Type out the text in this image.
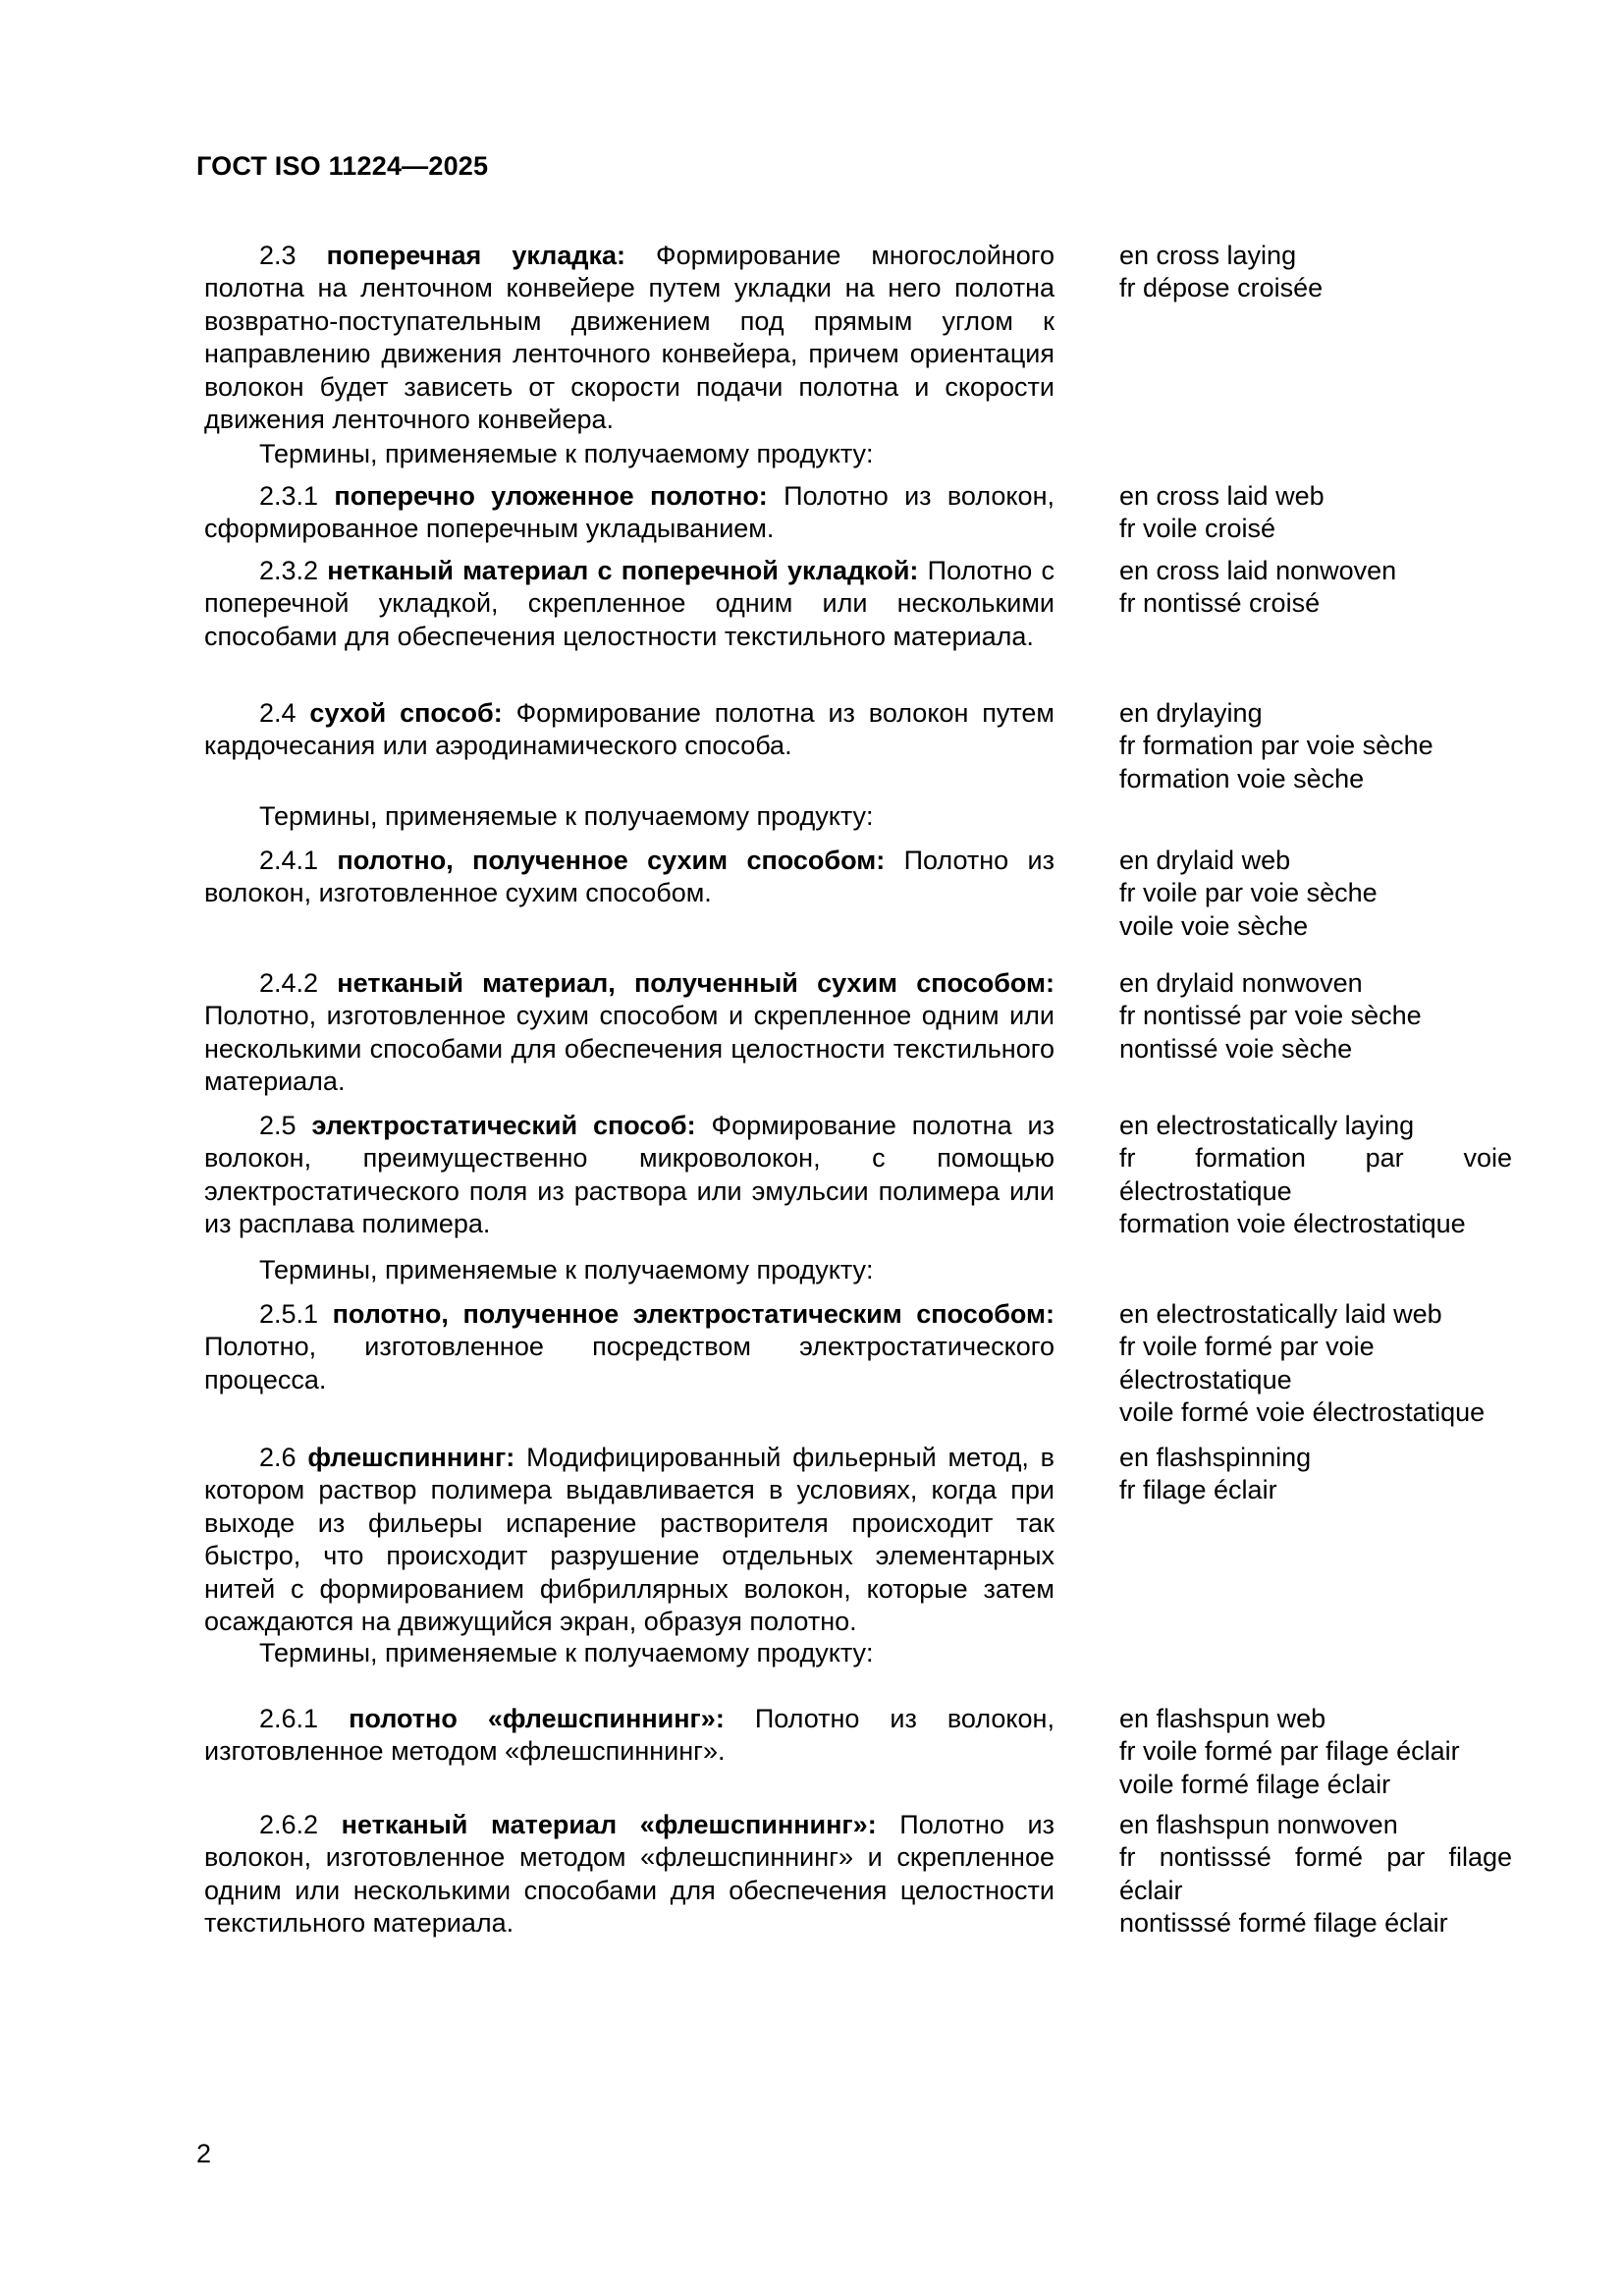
ГОСТ ISO 11224—2025
2.3 поперечная укладка: Формирование многослойного полотна на ленточном конвейере путем укладки на него полотна возвратно-поступательным движением под прямым углом к направлению движения ленточного конвейера, причем ориентация волокон будет зависеть от скорости подачи полотна и скорости движения ленточного конвейера.
en cross laying
fr dépose croisée
Термины, применяемые к получаемому продукту:
2.3.1 поперечно уложенное полотно: Полотно из волокон, сформированное поперечным укладыванием.
en cross laid web
fr voile croisé
2.3.2 нетканый материал с поперечной укладкой: Полотно с поперечной укладкой, скрепленное одним или несколькими способами для обеспечения целостности текстильного материала.
en cross laid nonwoven
fr nontissé croisé
2.4 сухой способ: Формирование полотна из волокон путем кардочесания или аэродинамического способа.
en drylaying
fr formation par voie sèche
formation voie sèche
Термины, применяемые к получаемому продукту:
2.4.1 полотно, полученное сухим способом: Полотно из волокон, изготовленное сухим способом.
en drylaid web
fr voile par voie sèche
voile voie sèche
2.4.2 нетканый материал, полученный сухим способом: Полотно, изготовленное сухим способом и скрепленное одним или несколькими способами для обеспечения целостности текстильного материала.
en drylaid nonwoven
fr nontissé par voie sèche
nontissé voie sèche
2.5 электростатический способ: Формирование полотна из волокон, преимущественно микроволокон, с помощью электростатического поля из раствора или эмульсии полимера или из расплава полимера.
en electrostatically laying
fr formation par voie
électrostatique
formation voie électrostatique
Термины, применяемые к получаемому продукту:
2.5.1 полотно, полученное электростатическим способом: Полотно, изготовленное посредством электростатического процесса.
en electrostatically laid web
fr voile formé par voie
électrostatique
voile formé voie électrostatique
2.6 флешспиннинг: Модифицированный фильерный метод, в котором раствор полимера выдавливается в условиях, когда при выходе из фильеры испарение растворителя происходит так быстро, что происходит разрушение отдельных элементарных нитей с формированием фибриллярных волокон, которые затем осаждаются на движущийся экран, образуя полотно.
en flashspinning
fr filage éclair
Термины, применяемые к получаемому продукту:
2.6.1 полотно «флешспиннинг»: Полотно из волокон, изготовленное методом «флешспиннинг».
en flashspun web
fr voile formé par filage éclair
voile formé filage éclair
2.6.2 нетканый материал «флешспиннинг»: Полотно из волокон, изготовленное методом «флешспиннинг» и скрепленное одним или несколькими способами для обеспечения целостности текстильного материала.
en flashspun nonwoven
fr nontisssé formé par filage
éclair
nontisssé formé filage éclair
2
